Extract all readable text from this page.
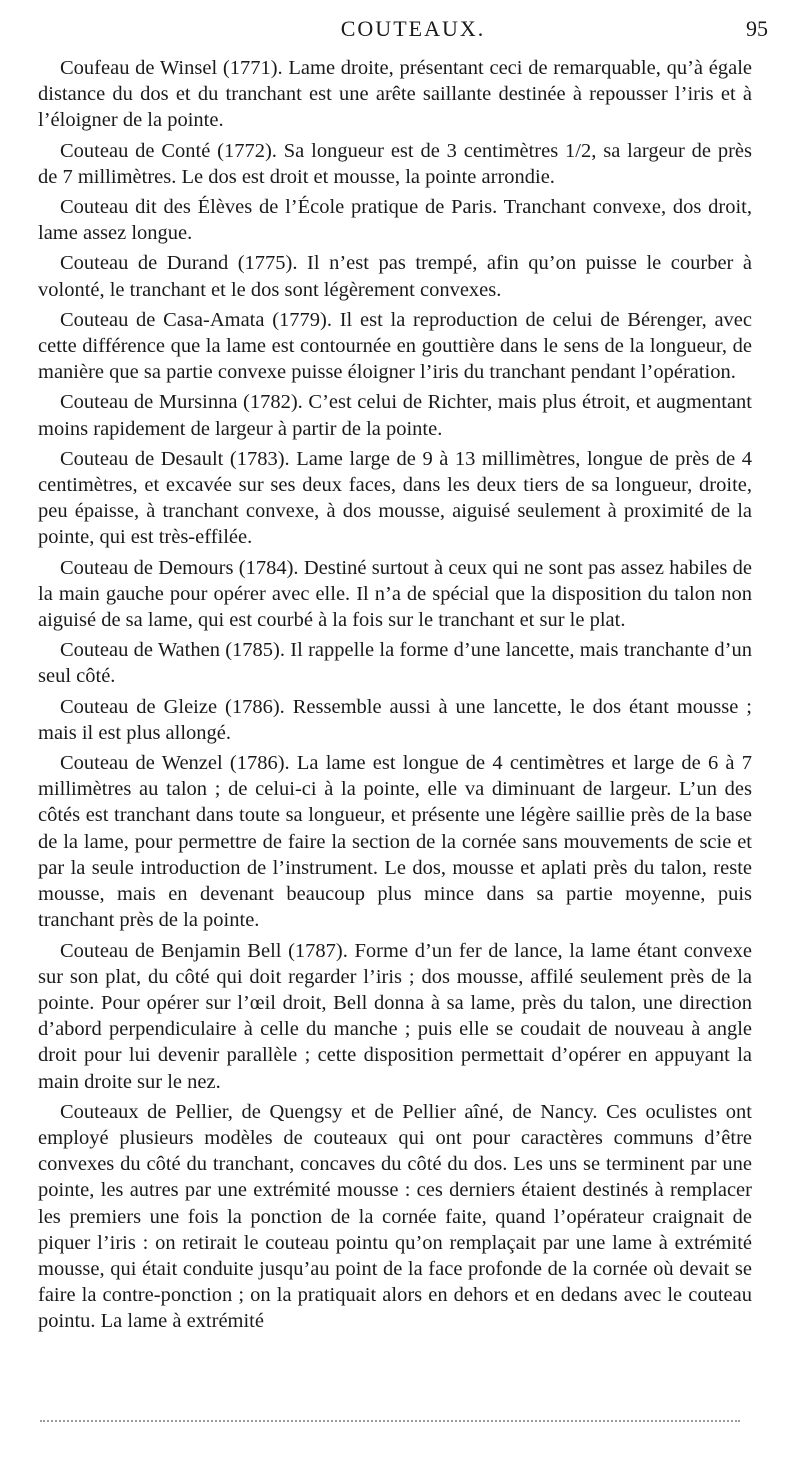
COUTEAUX.	95

Coufeau de Winsel (1771). Lame droite, présentant ceci de remarquable, qu’à égale distance du dos et du tranchant est une arête saillante destinée à repousser l’iris et à l’éloigner de la pointe.

Couteau de Conté (1772). Sa longueur est de 3 centimètres 1/2, sa largeur de près de 7 millimètres. Le dos est droit et mousse, la pointe arrondie.

Couteau dit des Élèves de l’École pratique de Paris. Tranchant convexe, dos droit, lame assez longue.

Couteau de Durand (1775). Il n’est pas trempé, afin qu’on puisse le courber à volonté, le tranchant et le dos sont légèrement convexes.

Couteau de Casa-Amata (1779). Il est la reproduction de celui de Bérenger, avec cette différence que la lame est contournée en gouttière dans le sens de la longueur, de manière que sa partie convexe puisse éloigner l’iris du tranchant pendant l’opération.

Couteau de Mursinna (1782). C’est celui de Richter, mais plus étroit, et augmentant moins rapidement de largeur à partir de la pointe.

Couteau de Desault (1783). Lame large de 9 à 13 millimètres, longue de près de 4 centimètres, et excavée sur ses deux faces, dans les deux tiers de sa longueur, droite, peu épaisse, à tranchant convexe, à dos mousse, aiguisé seulement à proximité de la pointe, qui est très-effilée.

Couteau de Demours (1784). Destiné surtout à ceux qui ne sont pas assez habiles de la main gauche pour opérer avec elle. Il n’a de spécial que la disposition du talon non aiguisé de sa lame, qui est courbé à la fois sur le tranchant et sur le plat.

Couteau de Wathen (1785). Il rappelle la forme d’une lancette, mais tranchante d’un seul côté.

Couteau de Gleize (1786). Ressemble aussi à une lancette, le dos étant mousse ; mais il est plus allongé.

Couteau de Wenzel (1786). La lame est longue de 4 centimètres et large de 6 à 7 millimètres au talon ; de celui-ci à la pointe, elle va diminuant de largeur. L’un des côtés est tranchant dans toute sa longueur, et présente une légère saillie près de la base de la lame, pour permettre de faire la section de la cornée sans mouvements de scie et par la seule introduction de l’instrument. Le dos, mousse et aplati près du talon, reste mousse, mais en devenant beaucoup plus mince dans sa partie moyenne, puis tranchant près de la pointe.

Couteau de Benjamin Bell (1787). Forme d’un fer de lance, la lame étant convexe sur son plat, du côté qui doit regarder l’iris ; dos mousse, affilé seulement près de la pointe. Pour opérer sur l’œil droit, Bell donna à sa lame, près du talon, une direction d’abord perpendiculaire à celle du manche ; puis elle se coudait de nouveau à angle droit pour lui devenir parallèle ; cette disposition permettait d’opérer en appuyant la main droite sur le nez.

Couteaux de Pellier, de Quengsy et de Pellier aîné, de Nancy. Ces oculistes ont employé plusieurs modèles de couteaux qui ont pour caractères communs d’être convexes du côté du tranchant, concaves du côté du dos. Les uns se terminent par une pointe, les autres par une extrémité mousse : ces derniers étaient destinés à remplacer les premiers une fois la ponction de la cornée faite, quand l’opérateur craignait de piquer l’iris : on retirait le couteau pointu qu’on remplaçait par une lame à extrémité mousse, qui était conduite jusqu’au point de la face profonde de la cornée où devait se faire la contre-ponction ; on la pratiquait alors en dehors et en dedans avec le couteau pointu. La lame à extrémité
